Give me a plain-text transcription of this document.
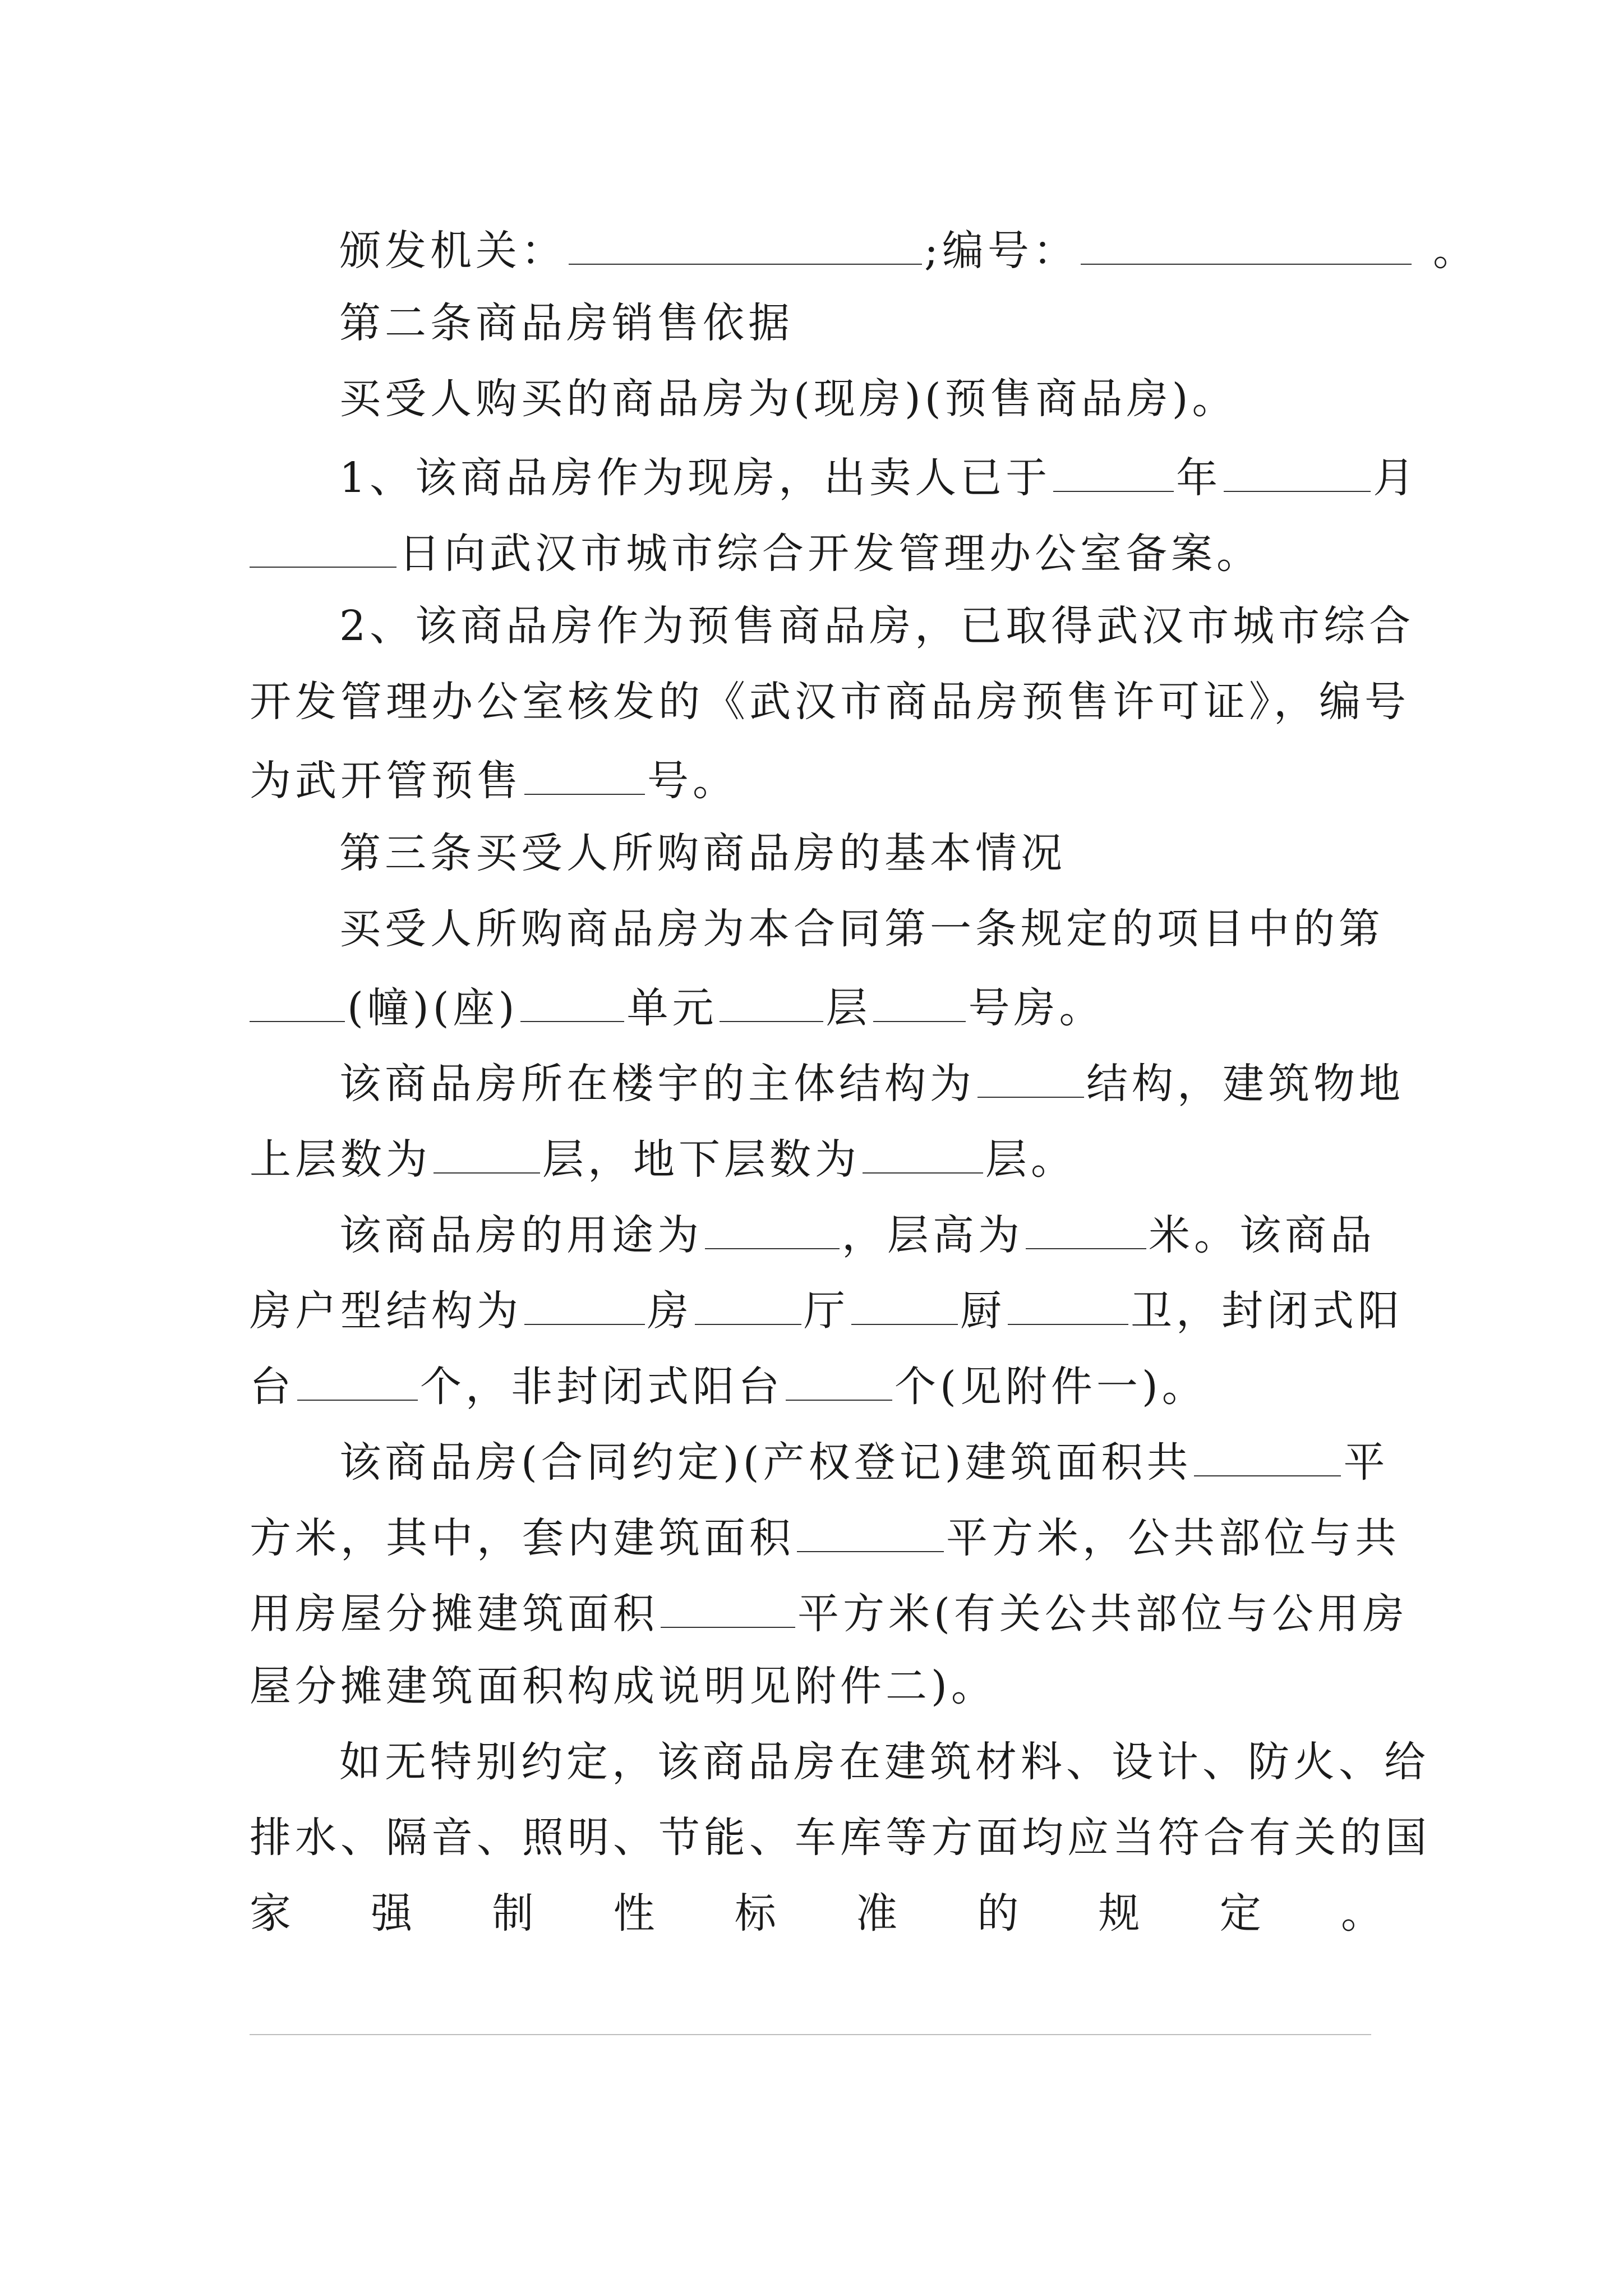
颁发机关：	;编号：	。
第二条商品房销售依据
买受人购买的商品房为(现房)(预售商品房)。
1、该商品房作为现房，出卖人已于	年	月
日向武汉市城市综合开发管理办公室备案。
2、该商品房作为预售商品房，已取得武汉市城市综合
开发管理办公室核发的《武汉市商品房预售许可证》，编号
为武开管预售	号。
第三条买受人所购商品房的基本情况
买受人所购商品房为本合同第一条规定的项目中的第
(幢)(座)	单元	层 号房。
该商品房所在楼宇的主体结构为	结构，建筑物地
上层数为	层，地下层数为	层。
该商品房的用途为	，层高为	米。该商品
房户型结构为	房	厅	厨	卫，封闭式阳
台	个，非封闭式阳台	个(见附件一)。
该商品房(合同约定)(产权登记)建筑面积共	平
方米，其中，套内建筑面积	平方米，公共部位与共
用房屋分摊建筑面积	平方米(有关公共部位与公用房
屋分摊建筑面积构成说明见附件二)。
如无特别约定，该商品房在建筑材料、设计、防火、给
排水、隔音、照明、节能、车库等方面均应当符合有关的国
家 强 制 性 标 准 的 规 定 。
